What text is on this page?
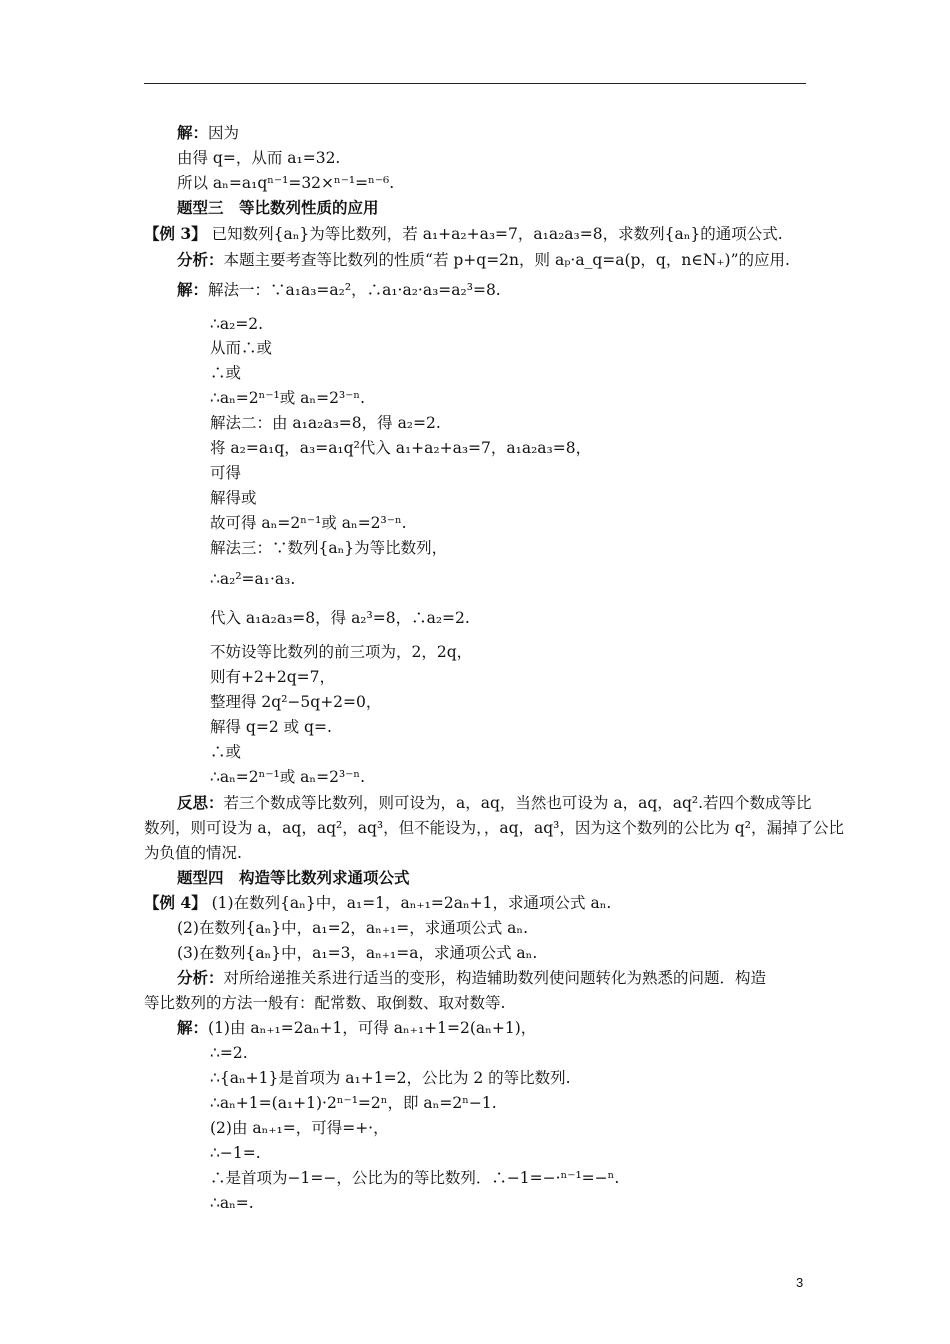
解：因为
由得 q=，从而 a₁=32.
所以 aₙ=a₁qⁿ⁻¹=32×ⁿ⁻¹=ⁿ⁻⁶.
题型三　等比数列性质的应用
【例 3】 已知数列{aₙ}为等比数列，若 a₁+a₂+a₃=7，a₁a₂a₃=8，求数列{aₙ}的通项公式.
分析：本题主要考查等比数列的性质“若 p+q=2n，则 aₚ·a_q=a(p，q，n∈N₊)”的应用.
解：解法一：∵a₁a₃=a₂²，∴a₁·a₂·a₃=a₂³=8.
∴a₂=2.
从而∴或
∴或
∴aₙ=2ⁿ⁻¹或 aₙ=2³⁻ⁿ.
解法二：由 a₁a₂a₃=8，得 a₂=2.
将 a₂=a₁q，a₃=a₁q²代入 a₁+a₂+a₃=7，a₁a₂a₃=8，
可得
解得或
故可得 aₙ=2ⁿ⁻¹或 aₙ=2³⁻ⁿ.
解法三：∵数列{aₙ}为等比数列，
∴a₂²=a₁·a₃.
代入 a₁a₂a₃=8，得 a₂³=8，∴a₂=2.
不妨设等比数列的前三项为，2，2q，
则有+2+2q=7，
整理得 2q²−5q+2=0，
解得 q=2 或 q=.
∴或
∴aₙ=2ⁿ⁻¹或 aₙ=2³⁻ⁿ.
反思：若三个数成等比数列，则可设为，a，aq，当然也可设为 a，aq，aq².若四个数成等比
数列，则可设为 a，aq，aq²，aq³，但不能设为，，aq，aq³，因为这个数列的公比为 q²，漏掉了公比
为负值的情况.
题型四　构造等比数列求通项公式
【例 4】 (1)在数列{aₙ}中，a₁=1，aₙ₊₁=2aₙ+1，求通项公式 aₙ.
(2)在数列{aₙ}中，a₁=2，aₙ₊₁=，求通项公式 aₙ.
(3)在数列{aₙ}中，a₁=3，aₙ₊₁=a，求通项公式 aₙ.
分析：对所给递推关系进行适当的变形，构造辅助数列使问题转化为熟悉的问题．构造
等比数列的方法一般有：配常数、取倒数、取对数等.
解：(1)由 aₙ₊₁=2aₙ+1，可得 aₙ₊₁+1=2(aₙ+1)，
∴=2.
∴{aₙ+1}是首项为 a₁+1=2，公比为 2 的等比数列.
∴aₙ+1=(a₁+1)·2ⁿ⁻¹=2ⁿ，即 aₙ=2ⁿ−1.
(2)由 aₙ₊₁=，可得=+·，
∴−1=.
∴是首项为−1=−，公比为的等比数列．∴−1=−·ⁿ⁻¹=−ⁿ.
∴aₙ=.
3
